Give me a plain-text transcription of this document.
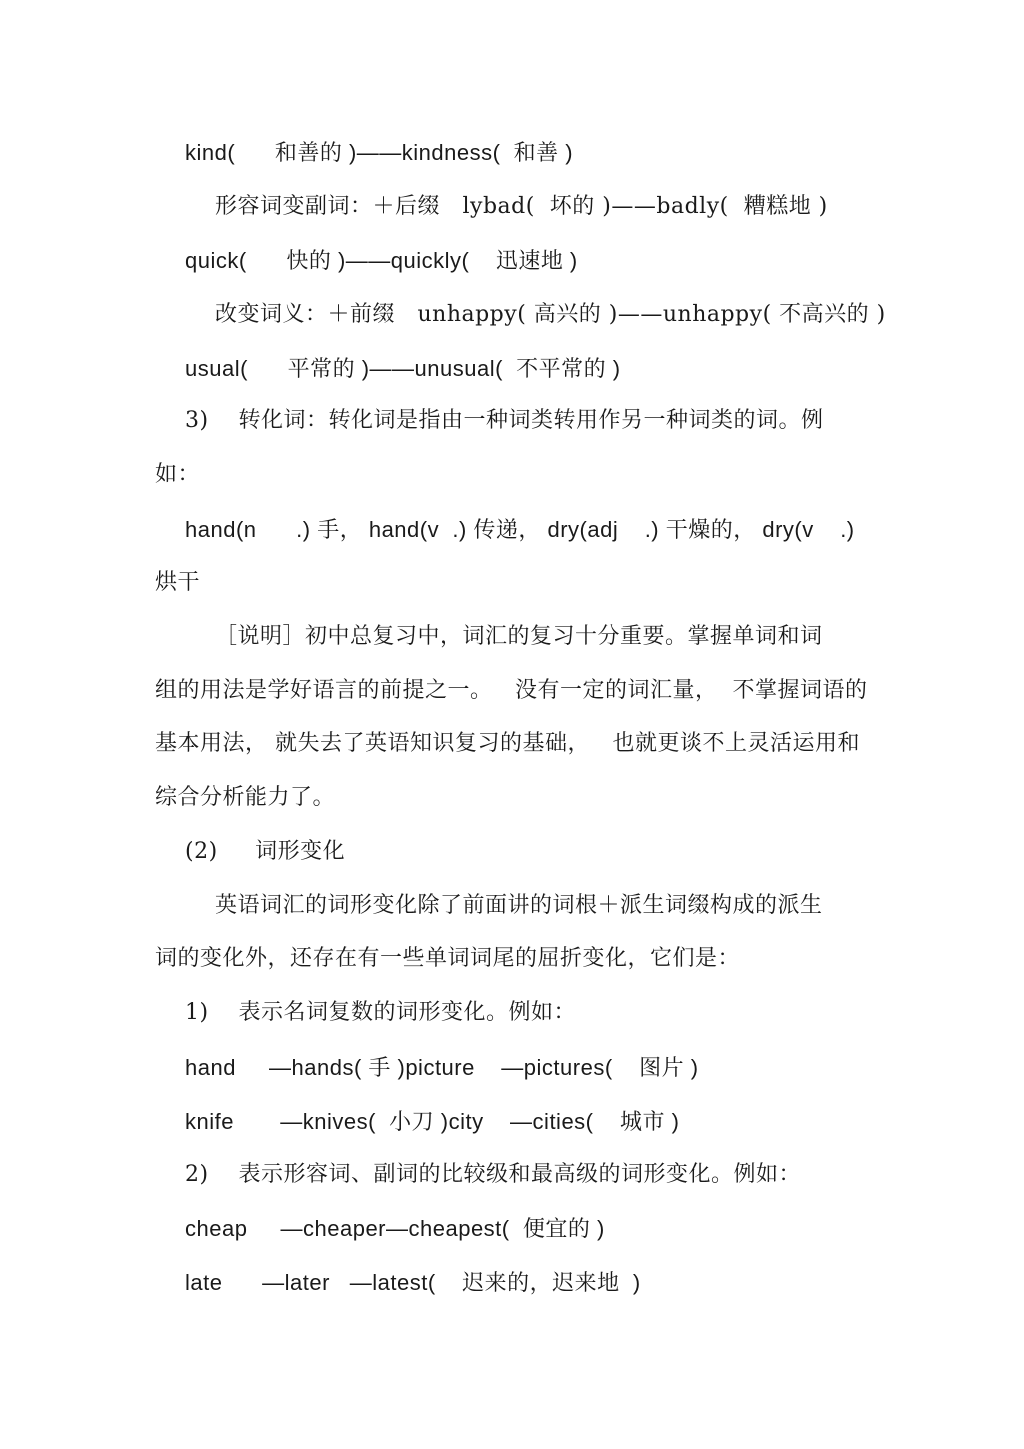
kind(      和善的 )——kindness(  和善 )
形容词变副词：＋后缀   lybad(  坏的 )——badly(  糟糕地 )
quick(      快的 )——quickly(    迅速地 )
改变词义：＋前缀   unhappy( 高兴的 )——unhappy( 不高兴的 )
usual(      平常的 )——unusual(  不平常的 )
3)    转化词：转化词是指由一种词类转用作另一种词类的词。例
如：
hand(n      .) 手， hand(v  .) 传递， dry(adj    .) 干燥的， dry(v    .)
烘干
［说明］初中总复习中，词汇的复习十分重要。掌握单词和词
组的用法是学好语言的前提之一。   没有一定的词汇量，  不掌握词语的
基本用法， 就失去了英语知识复习的基础，   也就更谈不上灵活运用和
综合分析能力了。
(2)     词形变化
英语词汇的词形变化除了前面讲的词根＋派生词缀构成的派生
词的变化外，还存在有一些单词词尾的屈折变化，它们是：
1)    表示名词复数的词形变化。例如：
hand     —hands( 手 )picture    —pictures(    图片 )
knife       —knives(  小刀 )city    —cities(    城市 )
2)    表示形容词、副词的比较级和最高级的词形变化。例如：
cheap     —cheaper—cheapest(  便宜的 )
late      —later   —latest(    迟来的，迟来地  )
